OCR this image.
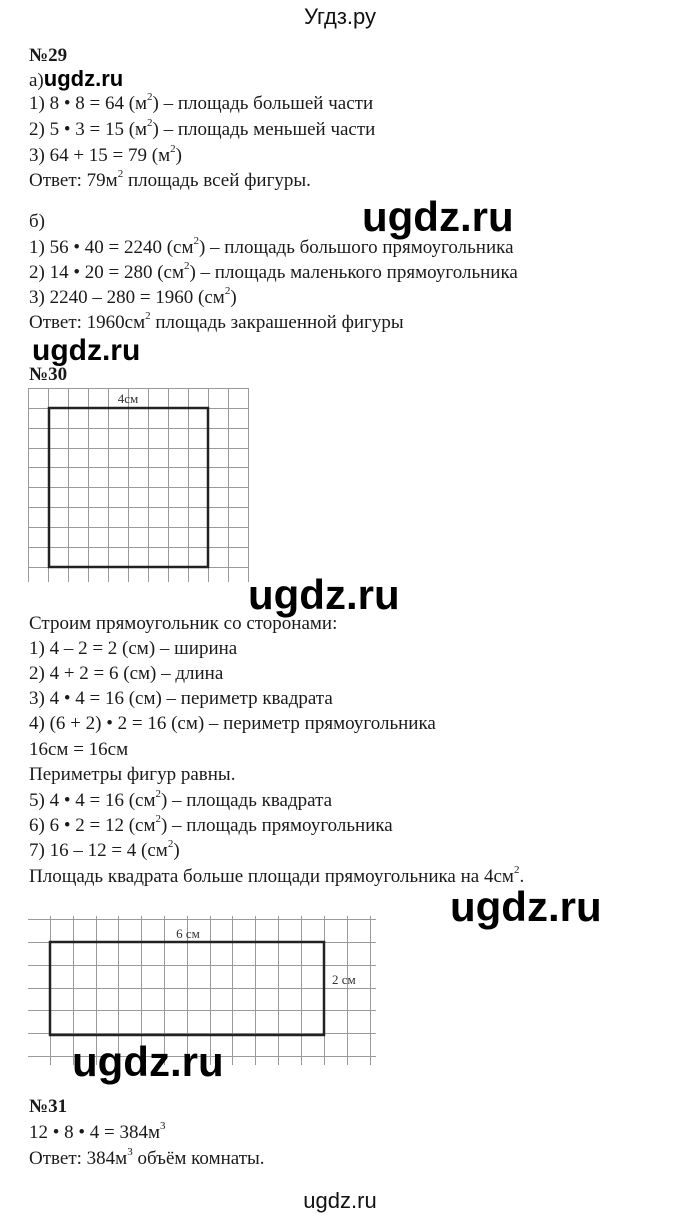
Угдз.ру
№29
а)ugdz.ru
1) 8 • 8 = 64 $(м^2)$ – площадь большей части
2) 5 • 3 = 15 $(м^2)$ – площадь меньшей части
3) 64 + 15 = 79 $(м^2)$
Ответ: $79м^2$ площадь всей фигуры.
ugdz.ru
б)
1) 56 • 40 = 2240 $(см^2)$ – площадь большого прямоугольника
2) 14 • 20 = 280 $(см^2)$ – площадь маленького прямоугольника
3) 2240 – 280 = 1960 $(см^2)$
Ответ: $1960см^2$ площадь закрашенной фигуры
ugdz.ru
№30
4см
ugdz.ru
Строим прямоугольник со сторонами:
1) 4 – 2 = 2 (см) – ширина
2) 4 + 2 = 6 (см) – длина
3) 4 • 4 = 16 (см) – периметр квадрата
4) (6 + 2) • 2 = 16 (см) – периметр прямоугольника
16см = 16см
Периметры фигур равны.
5) 4 • 4 = 16 $(см^2)$ – площадь квадрата
6) 6 • 2 = 12 $(см^2)$ – площадь прямоугольника
7) 16 – 12 = 4 $(см^2)$
Площадь квадрата больше площади прямоугольника на $4см^2$.
ugdz.ru
6 см
2 см
ugdz.ru
№31
12 • 8 • $4 = 384м^3$
Ответ: $384м^3$ объём комнаты.
ugdz.ru
